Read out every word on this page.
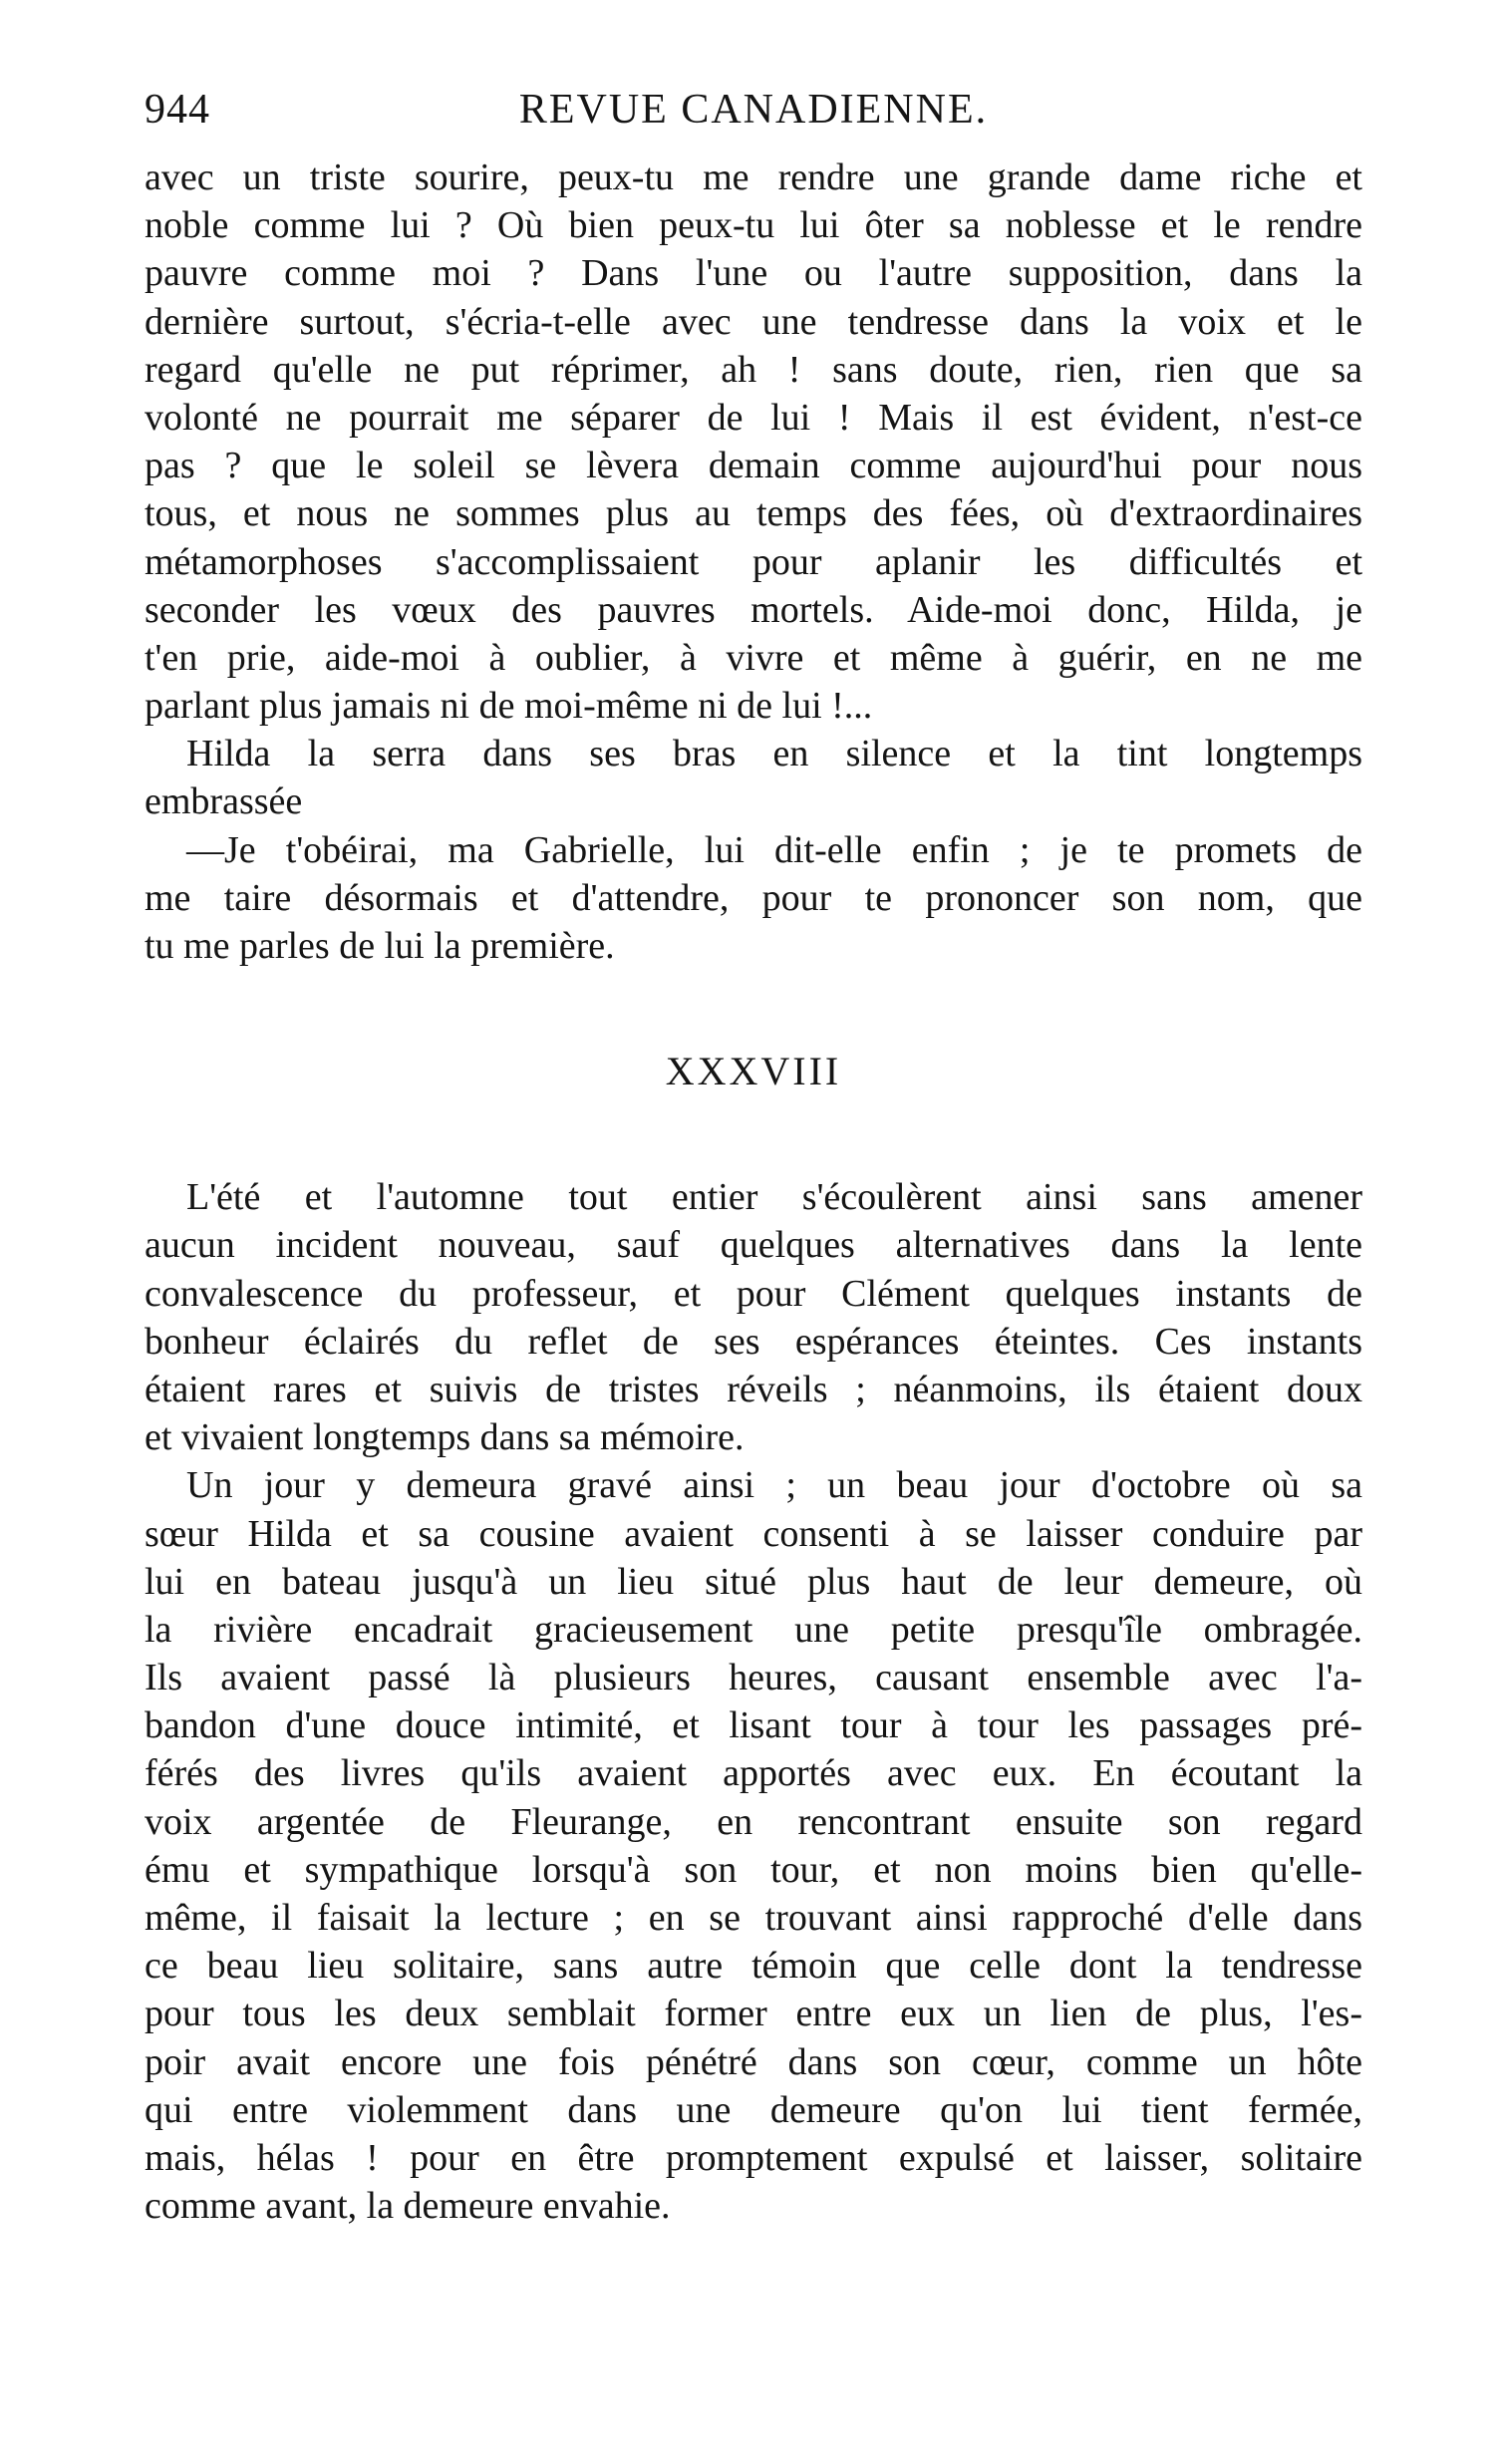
944	REVUE CANADIENNE.
avec un triste sourire, peux-tu me rendre une grande dame riche et
noble comme lui ? Où bien peux-tu lui ôter sa noblesse et le rendre
pauvre comme moi ? Dans l'une ou l'autre supposition, dans la
dernière surtout, s'écria-t-elle avec une tendresse dans la voix et le
regard qu'elle ne put réprimer, ah ! sans doute, rien, rien que sa
volonté ne pourrait me séparer de lui ! Mais il est évident, n'est-ce
pas ? que le soleil se lèvera demain comme aujourd'hui pour nous
tous, et nous ne sommes plus au temps des fées, où d'extraordinaires
métamorphoses s'accomplissaient pour aplanir les difficultés et
seconder les vœux des pauvres mortels. Aide-moi donc, Hilda, je
t'en prie, aide-moi à oublier, à vivre et même à guérir, en ne me
parlant plus jamais ni de moi-même ni de lui !...
Hilda la serra dans ses bras en silence et la tint longtemps
embrassée
—Je t'obéirai, ma Gabrielle, lui dit-elle enfin ; je te promets de
me taire désormais et d'attendre, pour te prononcer son nom, que
tu me parles de lui la première.
XXXVIII
L'été et l'automne tout entier s'écoulèrent ainsi sans amener
aucun incident nouveau, sauf quelques alternatives dans la lente
convalescence du professeur, et pour Clément quelques instants de
bonheur éclairés du reflet de ses espérances éteintes. Ces instants
étaient rares et suivis de tristes réveils ; néanmoins, ils étaient doux
et vivaient longtemps dans sa mémoire.
Un jour y demeura gravé ainsi ; un beau jour d'octobre où sa
sœur Hilda et sa cousine avaient consenti à se laisser conduire par
lui en bateau jusqu'à un lieu situé plus haut de leur demeure, où
la rivière encadrait gracieusement une petite presqu'île ombragée.
Ils avaient passé là plusieurs heures, causant ensemble avec l'a-
bandon d'une douce intimité, et lisant tour à tour les passages pré-
férés des livres qu'ils avaient apportés avec eux. En écoutant la
voix argentée de Fleurange, en rencontrant ensuite son regard
ému et sympathique lorsqu'à son tour, et non moins bien qu'elle-
même, il faisait la lecture ; en se trouvant ainsi rapproché d'elle dans
ce beau lieu solitaire, sans autre témoin que celle dont la tendresse
pour tous les deux semblait former entre eux un lien de plus, l'es-
poir avait encore une fois pénétré dans son cœur, comme un hôte
qui entre violemment dans une demeure qu'on lui tient fermée,
mais, hélas ! pour en être promptement expulsé et laisser, solitaire
comme avant, la demeure envahie.
